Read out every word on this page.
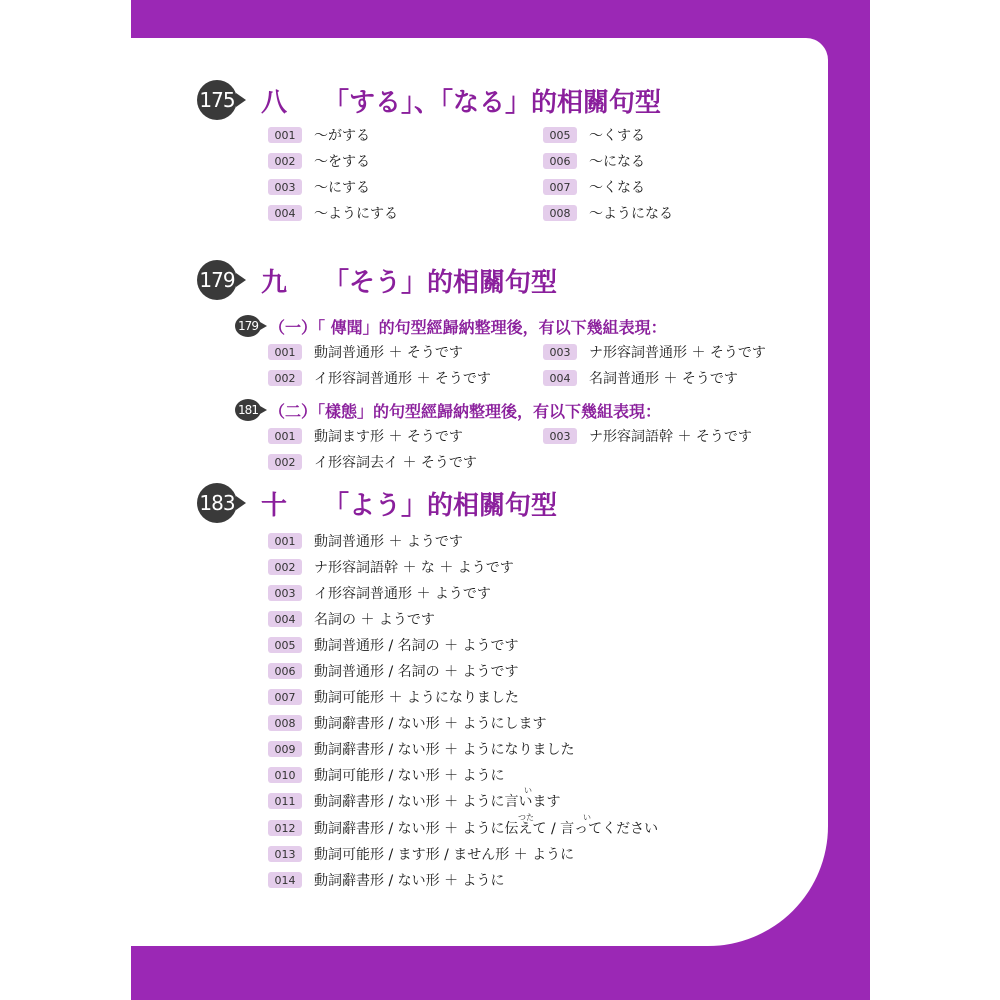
175 八	「する」、「なる」的相關句型
001	～がする
002	～をする
003	～にする
004	～ようにする
005	～くする
006	～になる
007	～くなる
008	～ようになる
179 九	「そう」的相關句型
179 （一）「 傳聞」的句型經歸納整理後，有以下幾組表現：
001	動詞普通形 ＋ そうです
002	イ形容詞普通形 ＋ そうです
003	ナ形容詞普通形 ＋ そうです
004	名詞普通形 ＋ そうです
181 （二）「樣態」的句型經歸納整理後，有以下幾組表現：
001	動詞ます形 ＋ そうです
002	イ形容詞去イ ＋ そうです
003	ナ形容詞語幹 ＋ そうです
183 十	「よう」的相關句型
001	動詞普通形 ＋ ようです
002	ナ形容詞語幹 ＋ な ＋ ようです
003	イ形容詞普通形 ＋ ようです
004	名詞の ＋ ようです
005	動詞普通形 / 名詞の ＋ ようです
006	動詞普通形 / 名詞の ＋ ようです
007	動詞可能形 ＋ ようになりました
008	動詞辭書形 / ない形 ＋ ようにします
009	動詞辭書形 / ない形 ＋ ようになりました
010	動詞可能形 / ない形 ＋ ように
011	動詞辭書形 / ない形 ＋ ように言います
012	動詞辭書形 / ない形 ＋ ように伝えて / 言ってください
013	動詞可能形 / ます形 / ません形 ＋ ように
014	動詞辭書形 / ない形 ＋ ように
い
つた	い
